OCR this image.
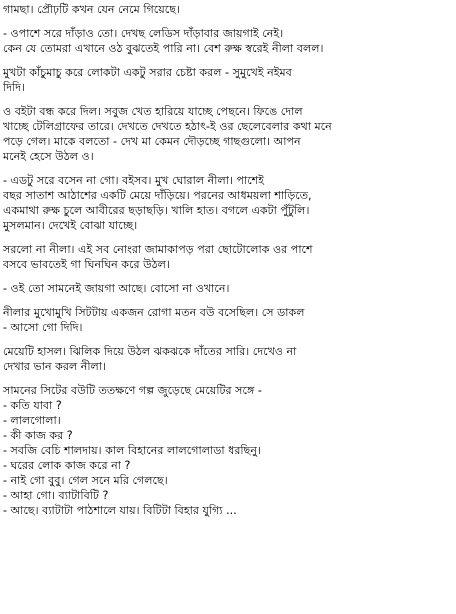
গামছা। প্রৌঢ়টি কখন যেন নেমে গিয়েছে।
- ওপাশে সরে দাঁড়াও তো। দেখছ লেডিস দাঁড়াবার জায়গাই নেই।
কেন যে তোমরা এখানে ওঠ বুঝতেই পারি না। বেশ রুক্ষ স্বরেই নীলা বলল।
মুখটা কাঁচুমাচু করে লোকটা একটু সরার চেষ্টা করল - সুমুখেই নইমব
দিদি।
ও বইটা বন্ধ করে দিল। সবুজ খেত হারিয়ে যাচ্ছে পেছনে। ফিঙে দোল
খাচ্ছে টেলিগ্রাফের তারে। দেখতে দেখতে হঠাৎ-ই ওর ছেলেবেলার কথা মনে
পড়ে গেল। মাকে বলতো - দেখ মা কেমন দৌড়চ্ছে গাছগুলো। আপন
মনেই হেসে উঠল ও।
- এডটু সরে বসেন না গো। বইসব। মুখ ঘোরাল নীলা। পাশেই
বছর সাতাশ আঠাশের একটি মেয়ে দাঁড়িয়ে। পরনের আধময়লা শাড়িতে,
একমাথা রুক্ষ চুলে আবীরের ছড়াছড়ি। খালি হাত। বগলে একটা পুঁটুলি।
মুসলমান। দেখেই বোঝা যাচ্ছে।
সরলো না নীলা। এই সব নোংরা জামাকাপড় পরা ছোটোলোক ওর পাশে
বসবে ভাবতেই গা ঘিনঘিন করে উঠল।
- ওই তো সামনেই জায়গা আছে। বোসো না ওখানে।
নীলার মুখোমুখি সিটটায় একজন রোগা মতন বউ বসেছিল। সে ডাকল
- আসো গো দিদি।
মেয়েটি হাসল। ঝিলিক দিয়ে উঠল ঝকঝকে দাঁতের সারি। দেখেও না
দেখার ভান করল নীলা।
সামনের সিটের বউটি ততক্ষণে গল্প জুড়েছে মেয়েটির সঙ্গে -
- কতি যাবা ?
- লালগোলা।
- কী কাজ কর ?
- সবজি বেচি শালদায়। কাল বিহানের লালগোলাডা ধরছিনু।
- ঘরের লোক কাজ করে না ?
- নাই গো বুবু। গেল সনে মরি গেলছে।
- আহা গো। ব্যাটাবিটি ?
- আছে। ব্যাটাটা পাঠশালে যায়। বিটিটা বিহার যুগ্যি ...
